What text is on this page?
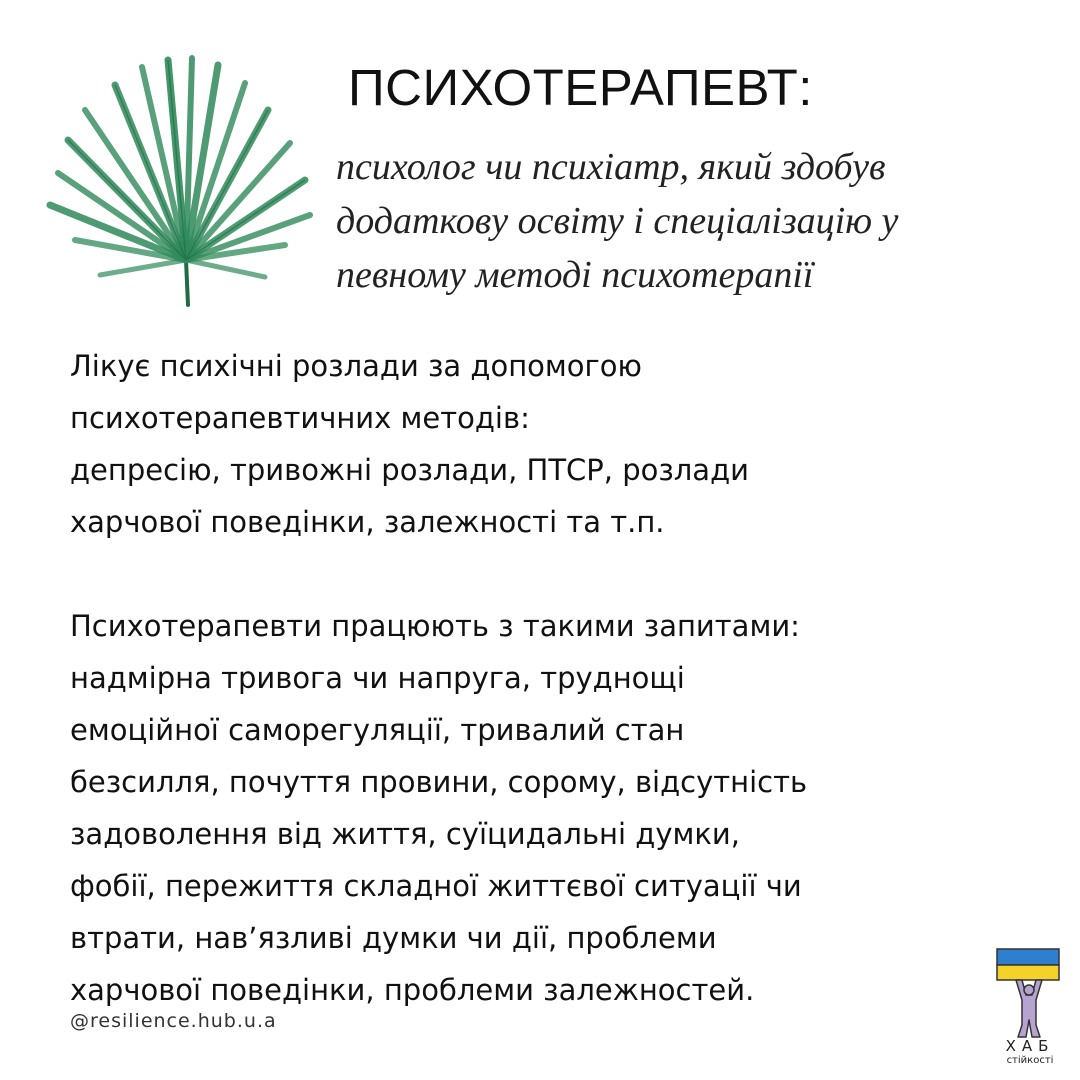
ПСИХОТЕРАПЕВТ:

психолог чи психіатр, який здобув
додаткову освіту і спеціалізацію у
певному методі психотерапії

Лікує психічні розлади за допомогою
психотерапевтичних методів:
депресію, тривожні розлади, ПТСР, розлади
харчової поведінки, залежності та т.п.
Психотерапевти працюють з такими запитами:
надмірна тривога чи напруга, труднощі
емоційної саморегуляції, тривалий стан
безсилля, почуття провини, сорому, відсутність
задоволення від життя, суїцидальні думки,
фобії, пережиття складної життєвої ситуації чи
втрати, нав’язливі думки чи дії, проблеми
харчової поведінки, проблеми залежностей.
@resilience.hub.u.a
ХАБ
стійкості
